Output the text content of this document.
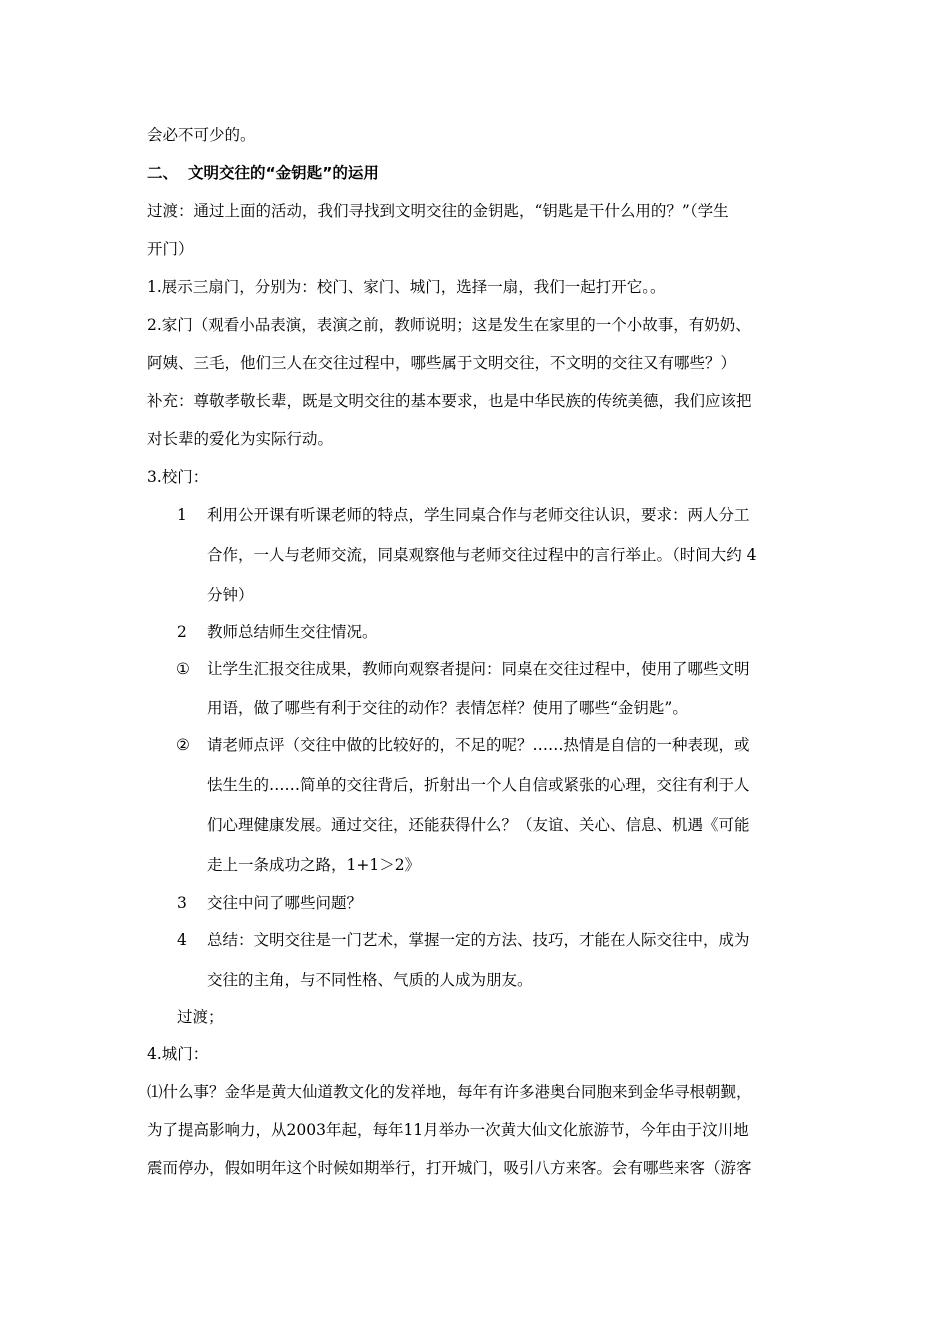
会必不可少的。
二、 文明交往的“金钥匙”的运用
过渡：通过上面的活动，我们寻找到文明交往的金钥匙，“钥匙是干什么用的？”（学生
开门）
1.展示三扇门，分别为：校门、家门、城门，选择一扇，我们一起打开它。。
2.家门（观看小品表演，表演之前，教师说明；这是发生在家里的一个小故事，有奶奶、
阿姨、三毛，他们三人在交往过程中，哪些属于文明交往，不文明的交往又有哪些？）
补充：尊敬孝敬长辈，既是文明交往的基本要求，也是中华民族的传统美德，我们应该把
对长辈的爱化为实际行动。
3.校门：
1 利用公开课有听课老师的特点，学生同桌合作与老师交往认识，要求：两人分工
合作，一人与老师交流，同桌观察他与老师交往过程中的言行举止。（时间大约 4
分钟）
2 教师总结师生交往情况。
① 让学生汇报交往成果，教师向观察者提问：同桌在交往过程中，使用了哪些文明
用语，做了哪些有利于交往的动作？表情怎样？使用了哪些“金钥匙”。
② 请老师点评（交往中做的比较好的，不足的呢？……热情是自信的一种表现，或
怯生生的……简单的交往背后，折射出一个人自信或紧张的心理，交往有利于人
们心理健康发展。通过交往，还能获得什么？（友谊、关心、信息、机遇《可能
走上一条成功之路，1+1＞2》
3 交往中问了哪些问题？
4 总结：文明交往是一门艺术，掌握一定的方法、技巧，才能在人际交往中，成为
交往的主角，与不同性格、气质的人成为朋友。
过渡；
4.城门：
⑴什么事？金华是黄大仙道教文化的发祥地，每年有许多港奥台同胞来到金华寻根朝觐，
为了提高影响力，从2003年起，每年11月举办一次黄大仙文化旅游节，今年由于汶川地
震而停办，假如明年这个时候如期举行，打开城门，吸引八方来客。会有哪些来客（游客
